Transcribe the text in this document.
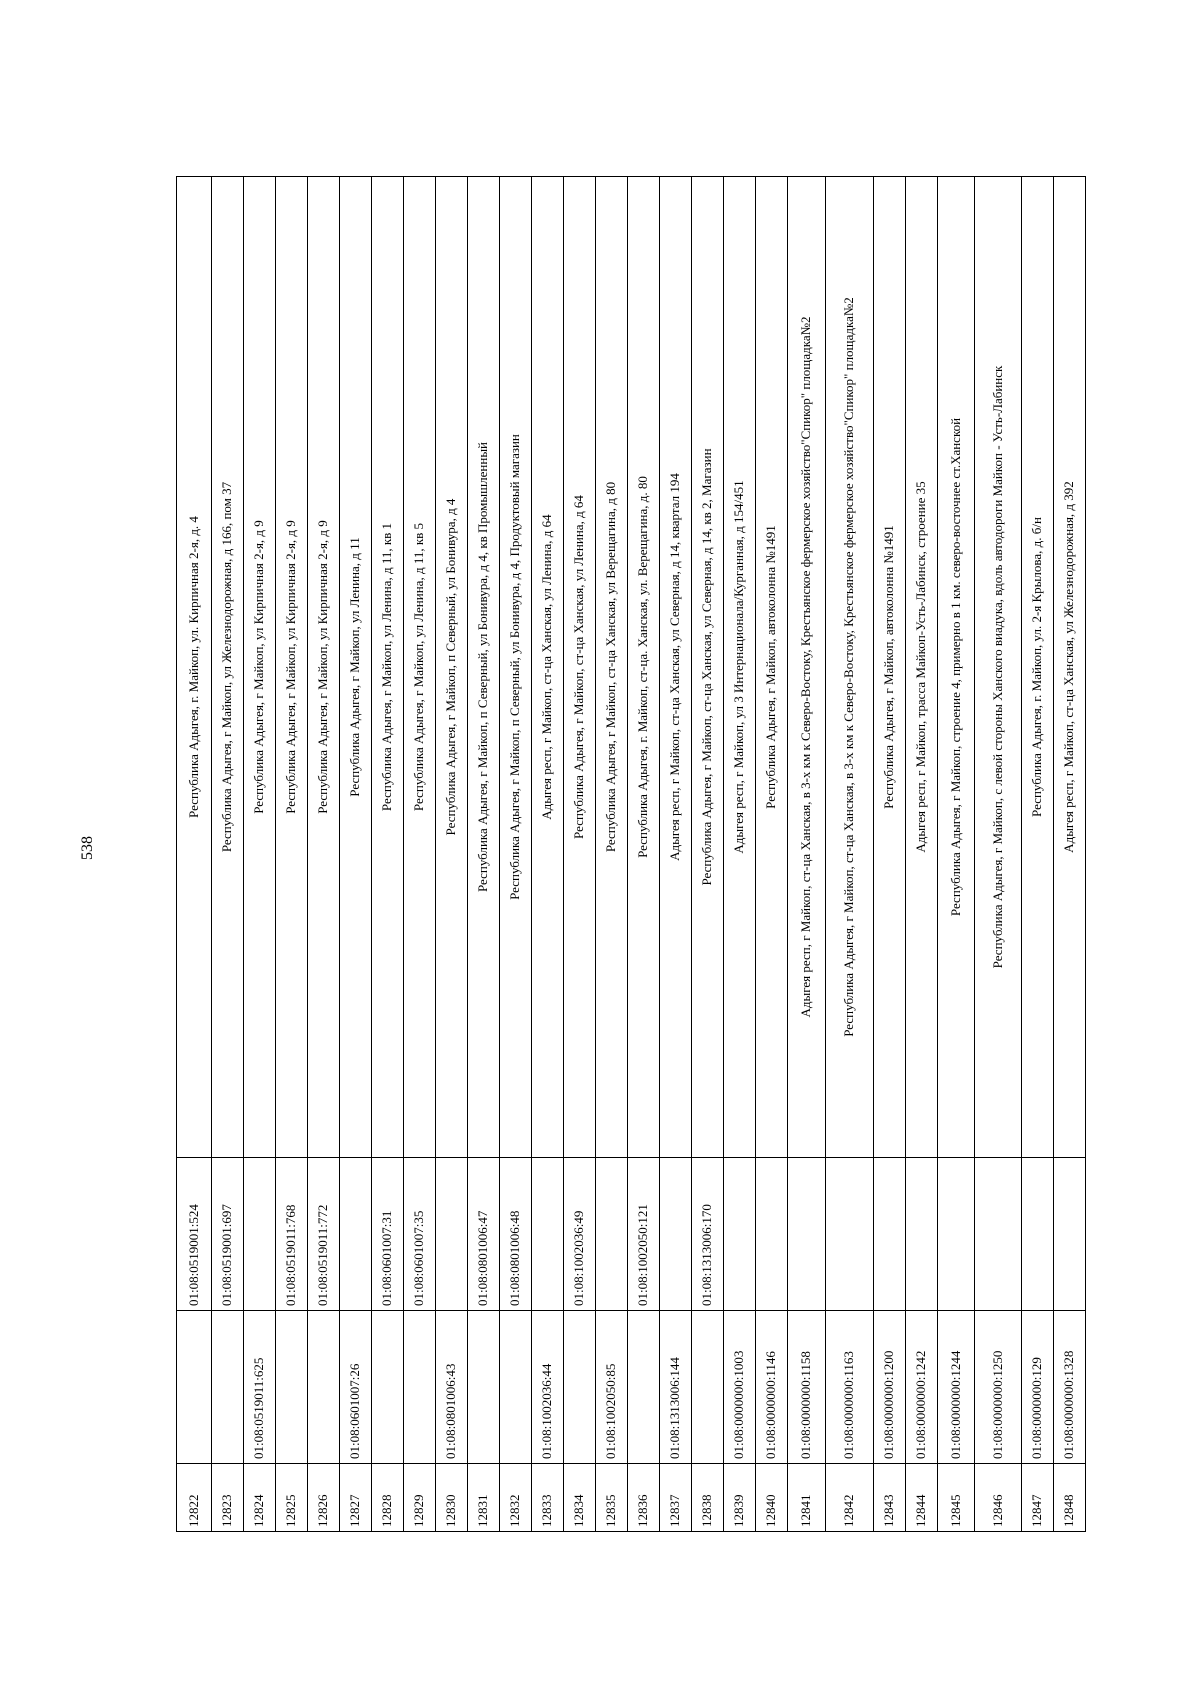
538
12822		01:08:0519001:524	Республика Адыгея, г. Майкоп, ул. Кирпичная 2-я, д. 4
12823		01:08:0519001:697	Республика Адыгея, г Майкоп, ул Железнодорожная, д 166, пом 37
12824	01:08:0519011:625		Республика Адыгея, г Майкоп, ул Кирпичная 2-я, д 9
12825		01:08:0519011:768	Республика Адыгея, г Майкоп, ул Кирпичная 2-я, д 9
12826		01:08:0519011:772	Республика Адыгея, г Майкоп, ул Кирпичная 2-я, д 9
12827	01:08:0601007:26		Республика Адыгея, г Майкоп, ул Ленина, д 11
12828		01:08:0601007:31	Республика Адыгея, г Майкоп, ул Ленина, д 11, кв 1
12829		01:08:0601007:35	Республика Адыгея, г Майкоп, ул Ленина, д 11, кв 5
12830	01:08:0801006:43		Республика Адыгея, г Майкоп, п Северный, ул Бонивура, д 4
12831		01:08:0801006:47	Республика Адыгея, г Майкоп, п Северный, ул Бонивура, д 4, кв Промышленный
12832		01:08:0801006:48	Республика Адыгея, г Майкоп, п Северный, ул Бонивура, д 4, Продуктовый магазин
12833	01:08:1002036:44		Адыгея респ, г Майкоп, ст-ца Ханская, ул Ленина, д 64
12834		01:08:1002036:49	Республика Адыгея, г Майкоп, ст-ца Ханская, ул Ленина, д 64
12835	01:08:1002050:85		Республика Адыгея, г Майкоп, ст-ца Ханская, ул Верещагина, д 80
12836		01:08:1002050:121	Республика Адыгея, г. Майкоп, ст-ца. Ханская, ул. Верещагина, д. 80
12837	01:08:1313006:144		Адыгея респ, г Майкоп, ст-ца Ханская, ул Северная, д 14, квартал 194
12838		01:08:1313006:170	Республика Адыгея, г Майкоп, ст-ца Ханская, ул Северная, д 14, кв 2, Магазин
12839	01:08:0000000:1003		Адыгея респ, г Майкоп, ул 3 Интернационала/Курганная, д 154/451
12840	01:08:0000000:1146		Республика Адыгея, г Майкоп, автоколонна №1491
12841	01:08:0000000:1158		Адыгея респ, г Майкоп, ст-ца Ханская, в 3-х км к Северо-Востоку, Крестьянское фермерское хозяйство"Спикор" площадка№2
12842	01:08:0000000:1163		Республика Адыгея, г Майкоп, ст-ца Ханская, в 3-х км к Северо-Востоку, Крестьянское фермерское хозяйство"Спикор" площадка№2
12843	01:08:0000000:1200		Республика Адыгея, г Майкоп, автоколонна №1491
12844	01:08:0000000:1242		Адыгея респ, г Майкоп, трасса Майкоп-Усть-Лабинск, строение 35
12845	01:08:0000000:1244		Республика Адыгея, г Майкоп, строение 4, примерно в 1 км. северо-восточнее ст.Ханской
12846	01:08:0000000:1250		Республика Адыгея, г Майкоп, с левой стороны Ханского виадука, вдоль автодороги Майкоп - Усть-Лабинск
12847	01:08:0000000:129		Республика Адыгея, г. Майкоп, ул. 2-я Крылова, д. б/н
12848	01:08:0000000:1328		Адыгея респ, г Майкоп, ст-ца Ханская, ул Железнодорожная, д 392
